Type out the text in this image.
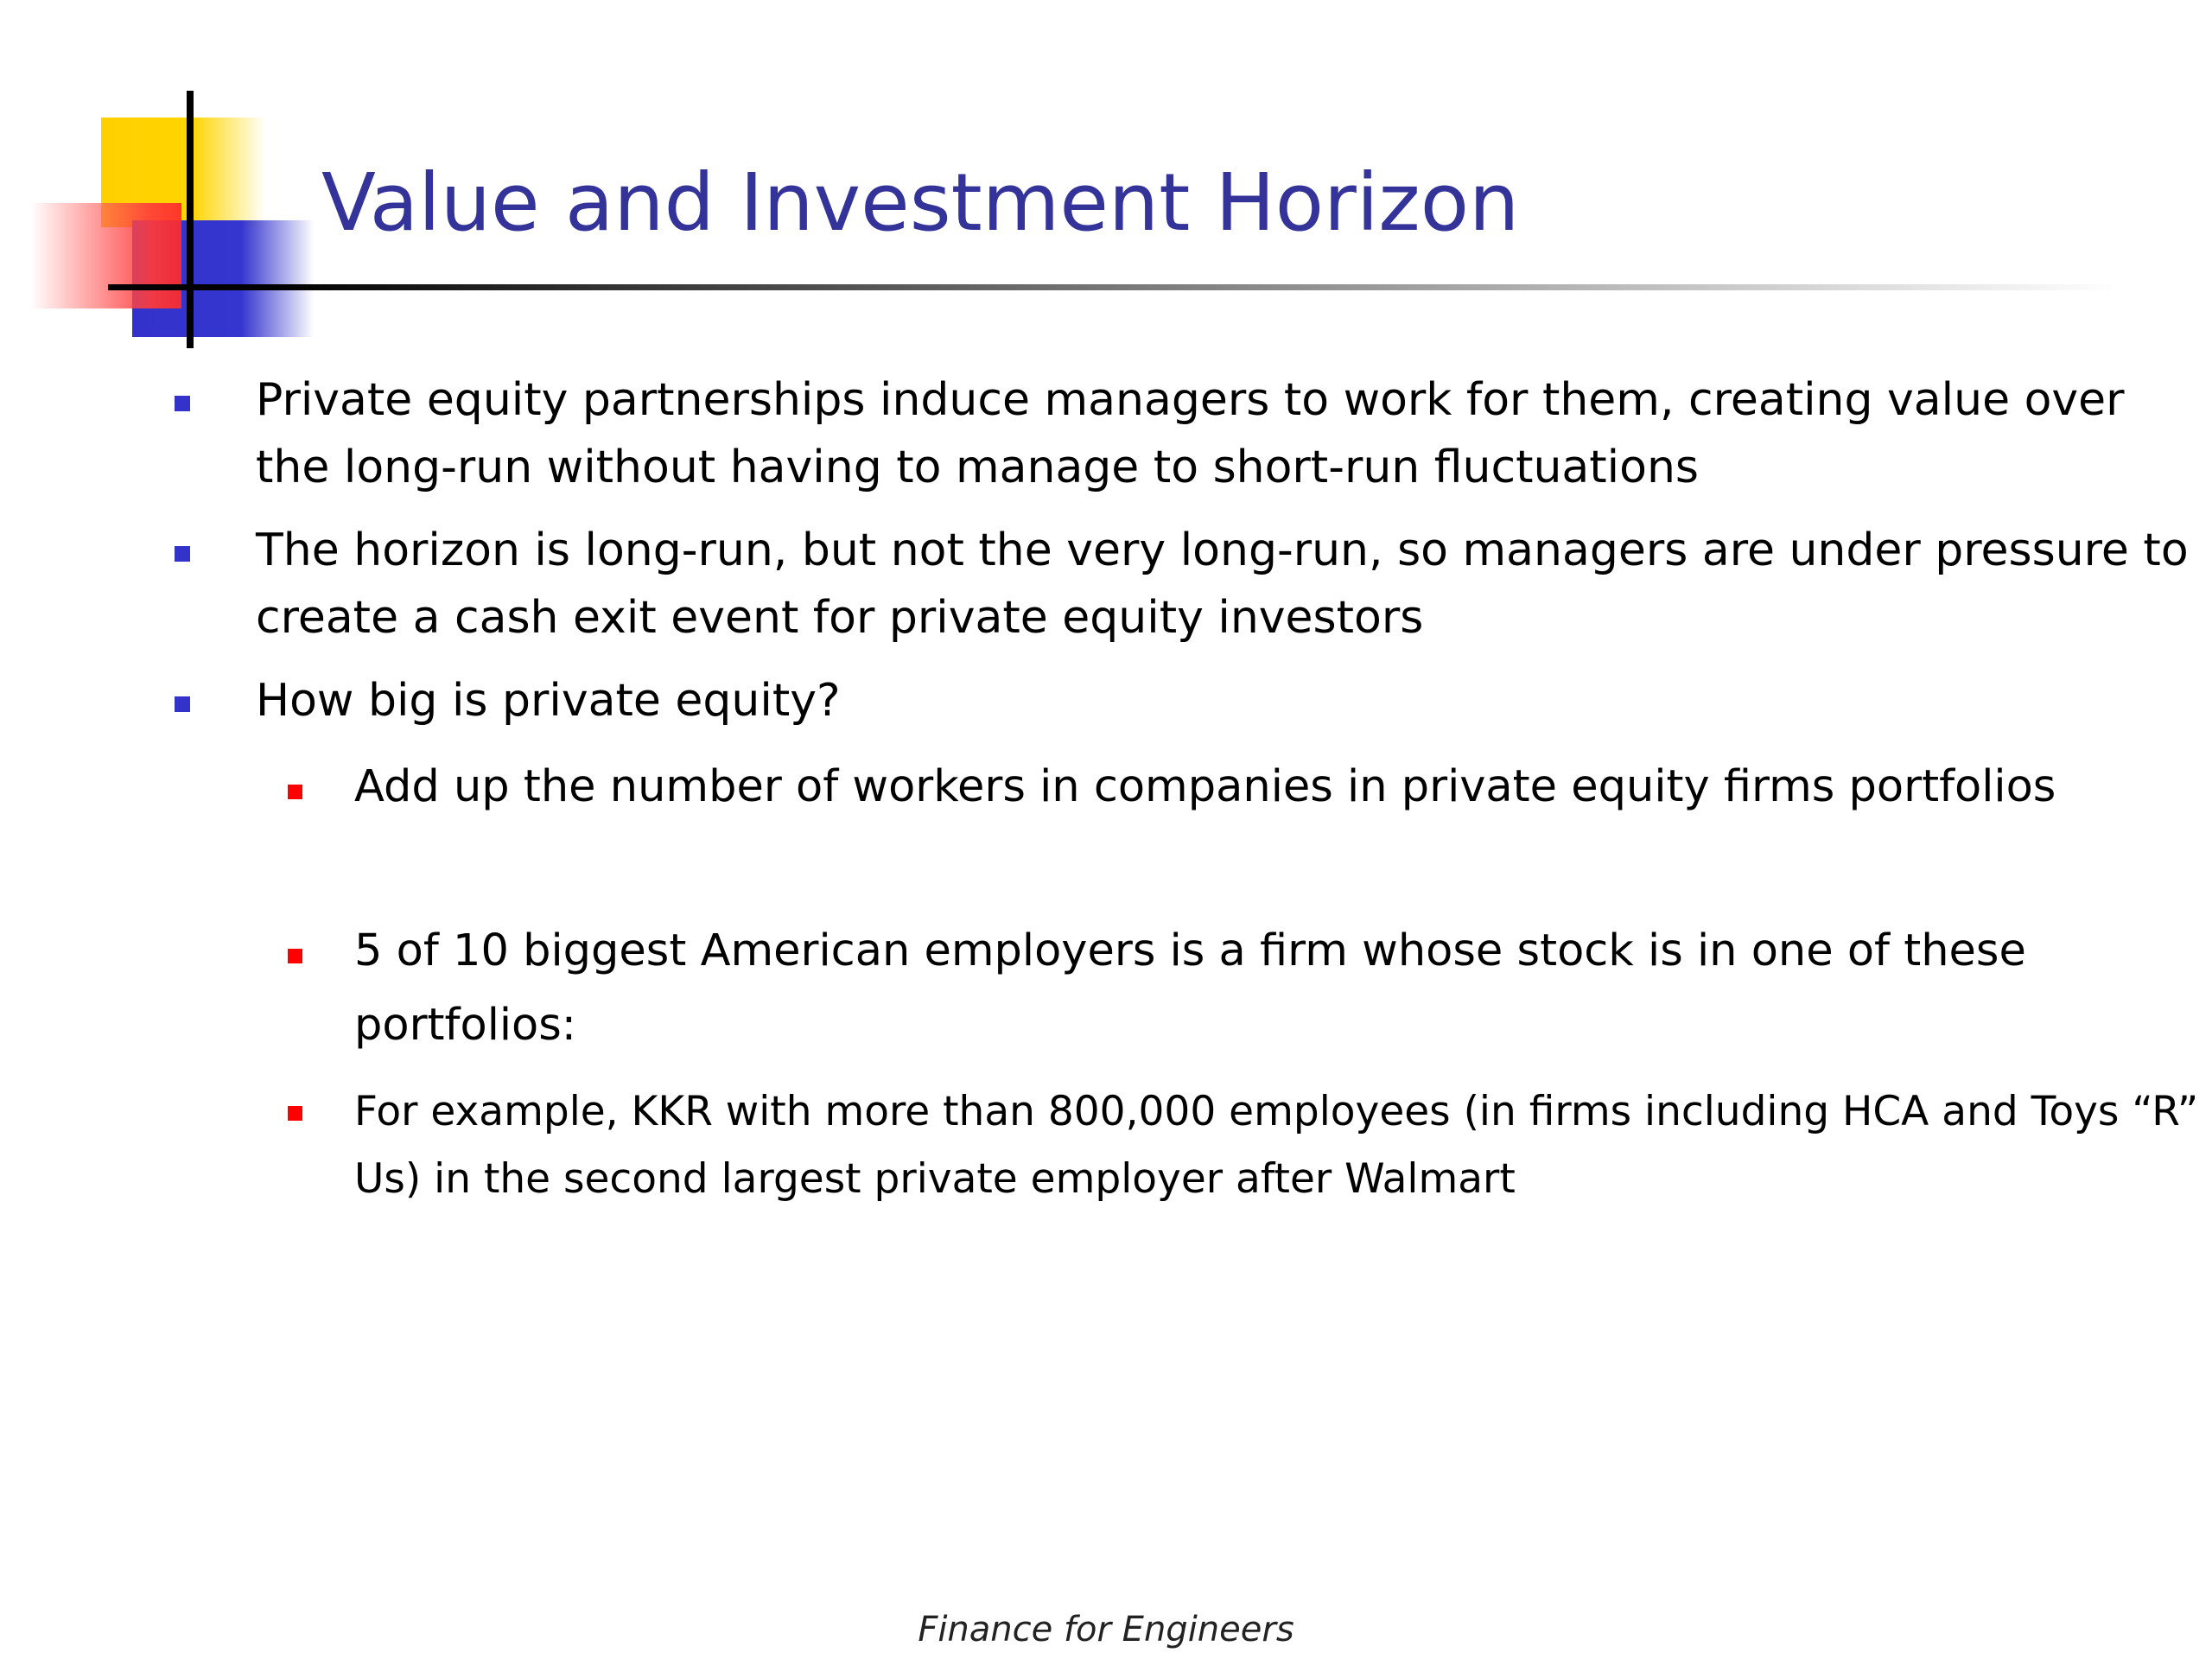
Value and Investment Horizon
Private equity partnerships induce managers to work for them, creating value over the long-run without having to manage to short-run fluctuations
The horizon is long-run, but not the very long-run, so managers are under pressure to create a cash exit event for private equity investors
How big is private equity?
Add up the number of workers in companies in private equity firms portfolios
5 of 10 biggest American employers is a firm whose stock is in one of these portfolios:
For example, KKR with more than 800,000 employees (in firms including HCA and Toys “R” Us) in the second largest private employer after Walmart

Finance for Engineers
